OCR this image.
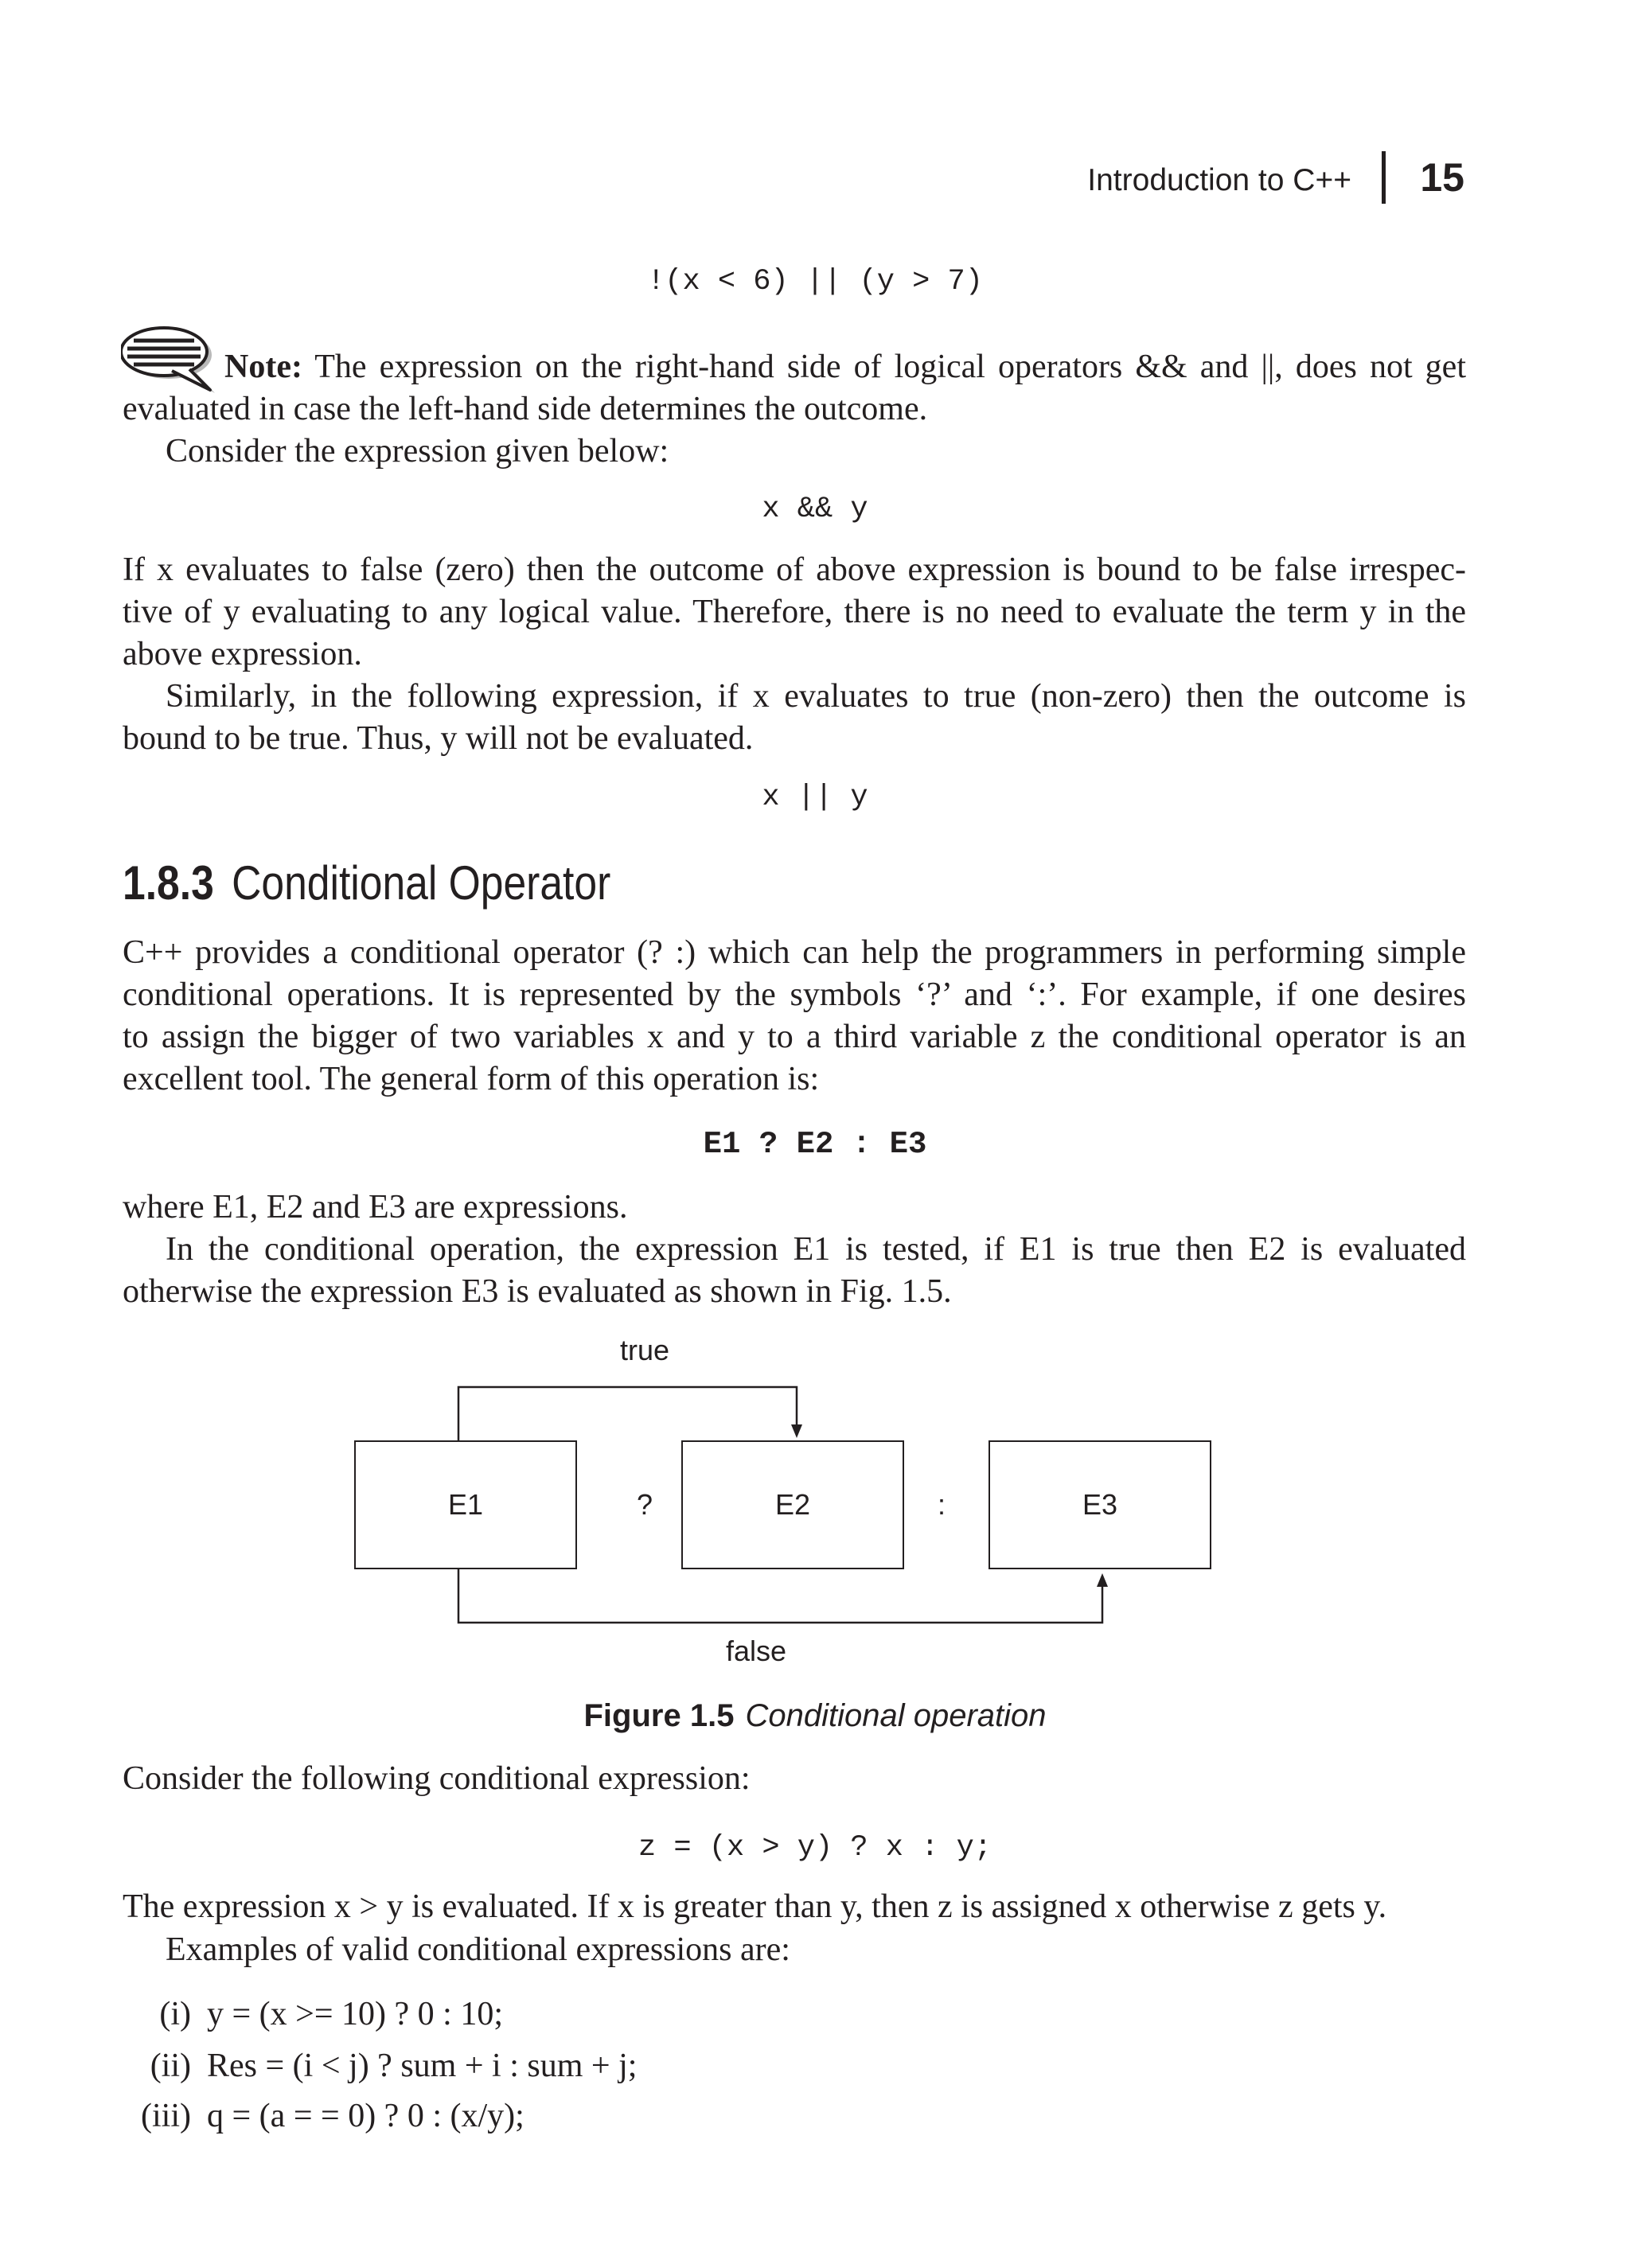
Introduction to C++	15
!(x < 6) || (y > 7)
Note: The expression on the right-hand side of logical operators && and ||, does not get
evaluated in case the left-hand side determines the outcome.
Consider the expression given below:
x && y
If x evaluates to false (zero) then the outcome of above expression is bound to be false irrespec-
tive of y evaluating to any logical value. Therefore, there is no need to evaluate the term y in the
above expression.
Similarly, in the following expression, if x evaluates to true (non-zero) then the outcome is
bound to be true. Thus, y will not be evaluated.
x || y
1.8.3 Conditional Operator
C++ provides a conditional operator (? :) which can help the programmers in performing simple
conditional operations. It is represented by the symbols ‘?’ and ‘:’. For example, if one desires
to assign the bigger of two variables x and y to a third variable z the conditional operator is an
excellent tool. The general form of this operation is:
E1 ? E2 : E3
where E1, E2 and E3 are expressions.
In the conditional operation, the expression E1 is tested, if E1 is true then E2 is evaluated
otherwise the expression E3 is evaluated as shown in Fig. 1.5.
true
E1	?	E2	:	E3
false
Figure 1.5 Conditional operation
Consider the following conditional expression:
z = (x > y) ? x : y;
The expression x > y is evaluated. If x is greater than y, then z is assigned x otherwise z gets y.
Examples of valid conditional expressions are:
(i) y = (x >= 10) ? 0 : 10;
(ii) Res = (i < j) ? sum + i : sum + j;
(iii) q = (a = = 0) ? 0 : (x/y);
